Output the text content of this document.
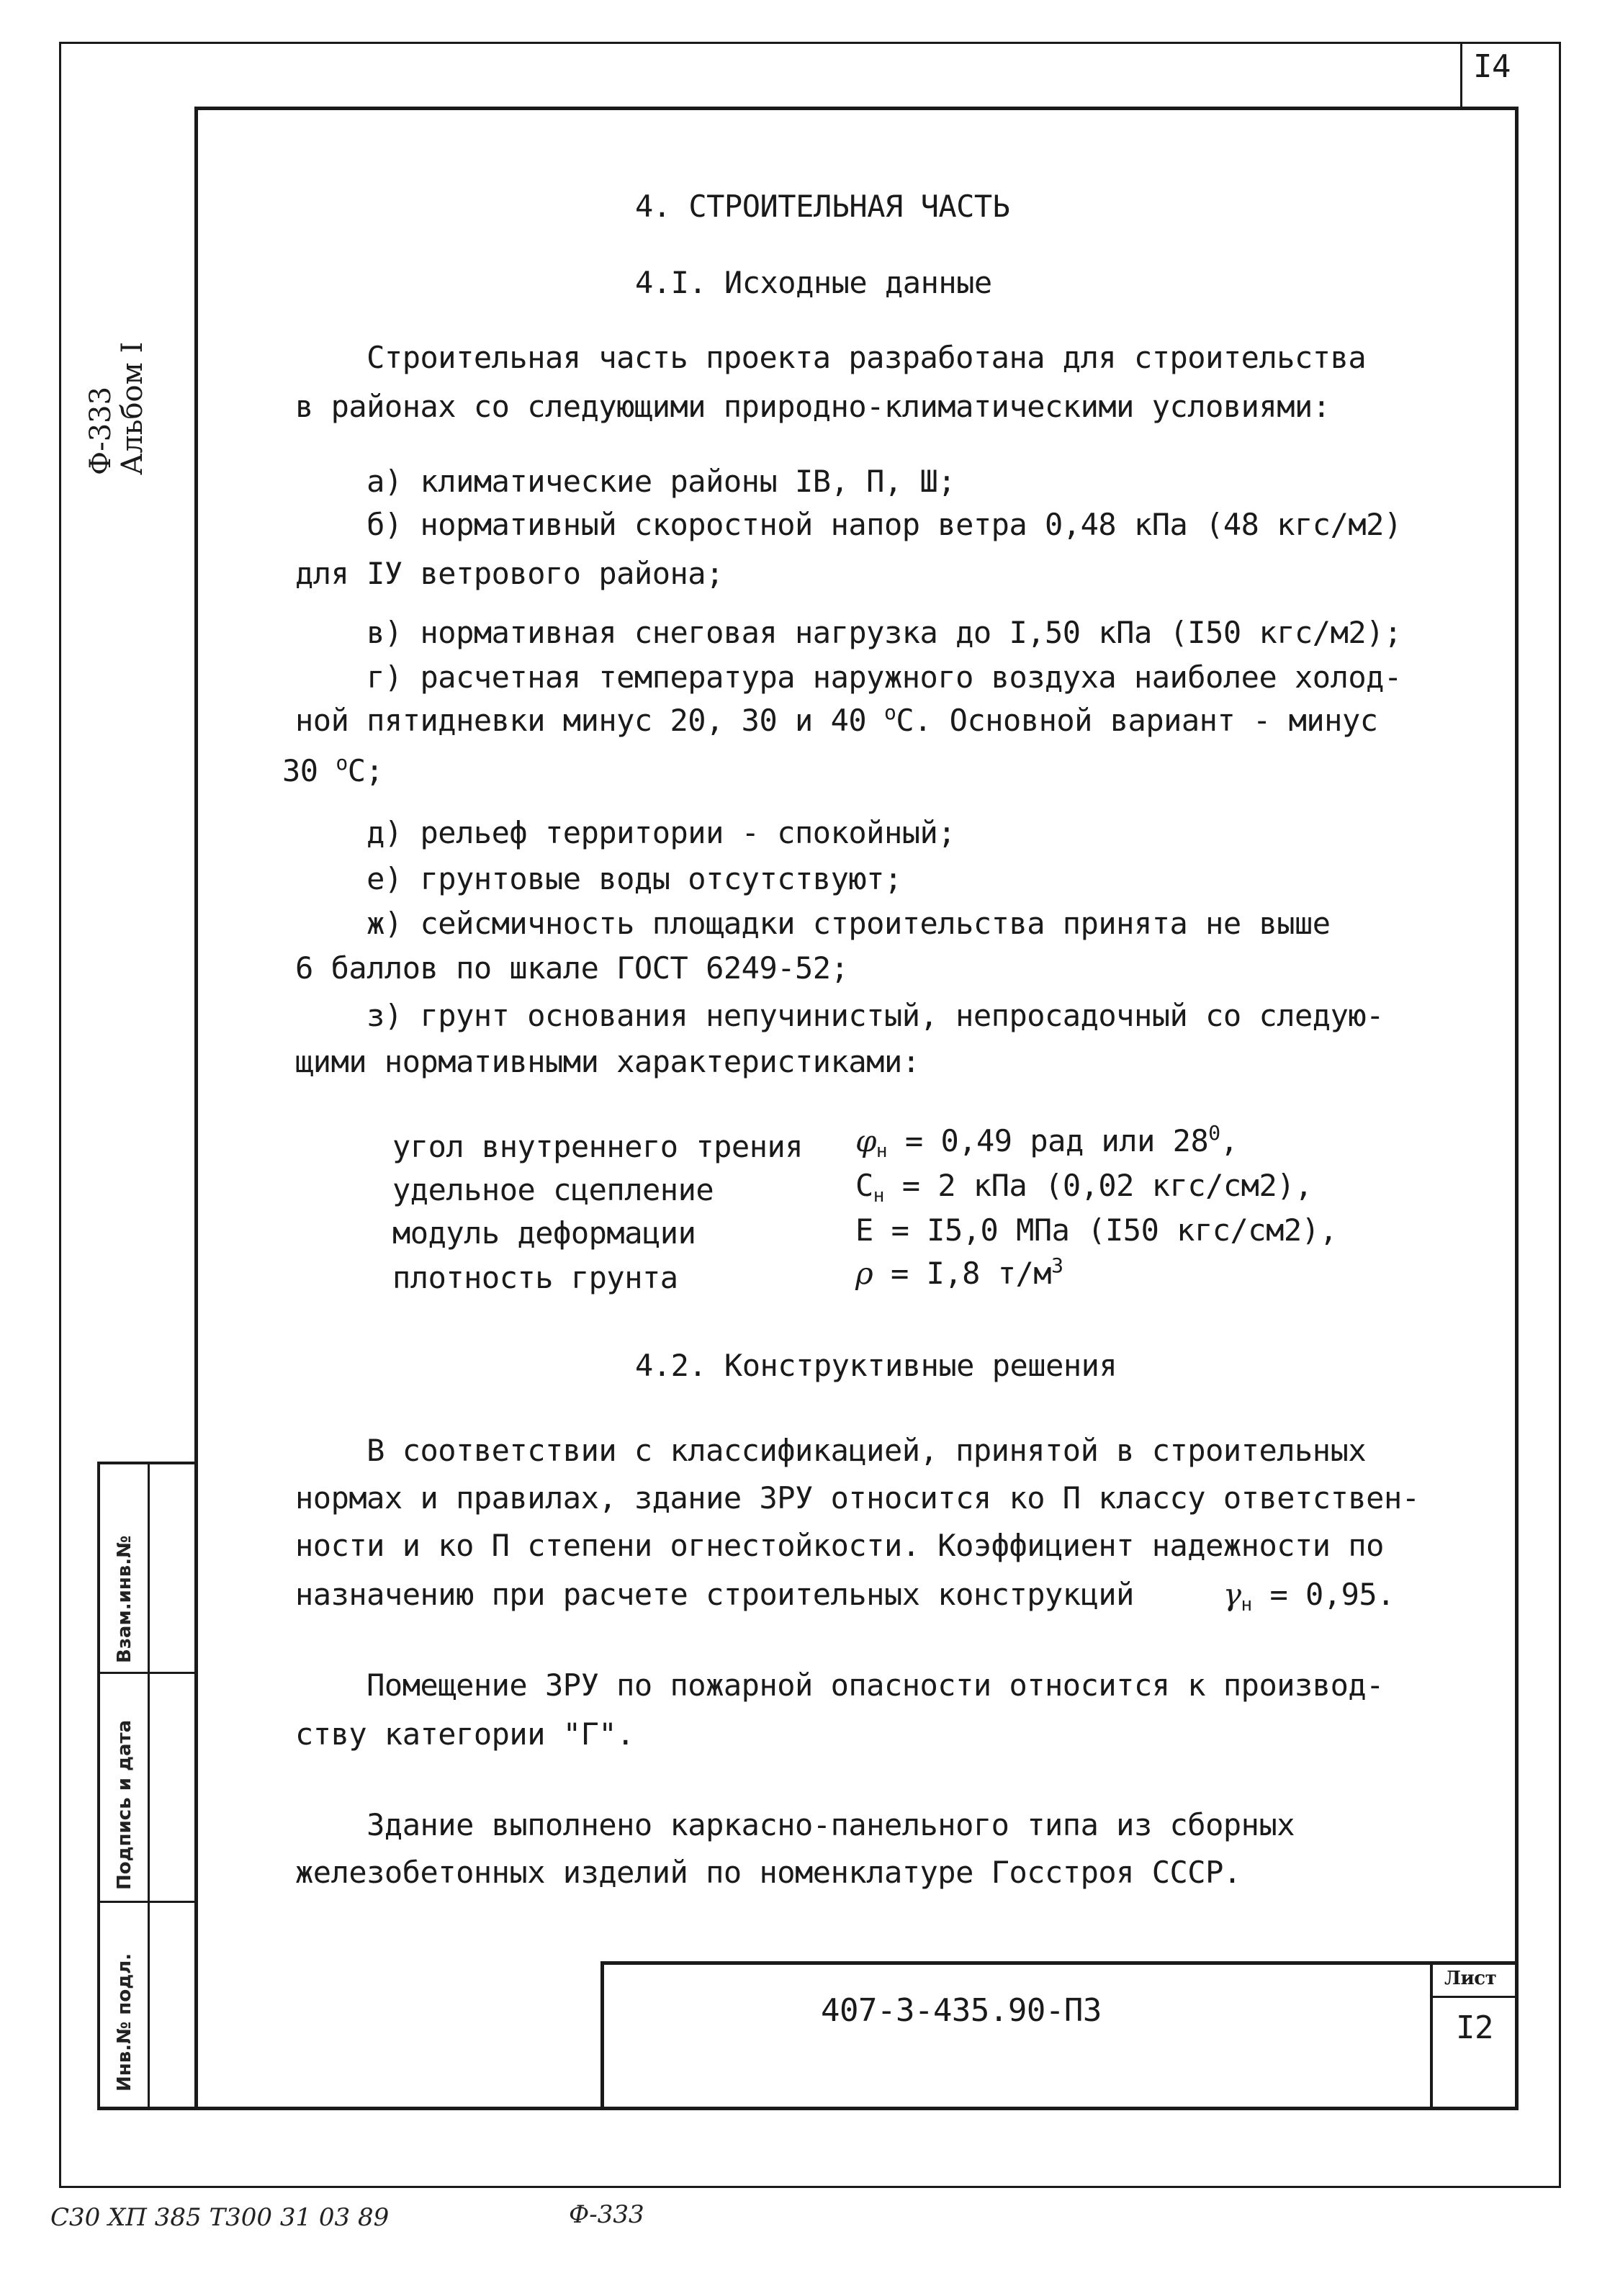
I4
Ф-333
Альбом I
Взам.инв.№
Подпись и дата
Инв.№ подл.
4. СТРОИТЕЛЬНАЯ ЧАСТЬ
4.I. Исходные данные
Строительная часть проекта разработана для строительства
в районах со следующими природно-климатическими условиями:
а) климатические районы IВ, П, Ш;
б) нормативный скоростной напор ветра 0,48 кПа (48 кгс/м2)
для IУ ветрового района;
в) нормативная снеговая нагрузка до I,50 кПа (I50 кгс/м2);
г) расчетная температура наружного воздуха наиболее холод-
ной пятидневки минус 20, 30 и 40 $^о$С. Основной вариант - минус
30 $^о$С;
д) рельеф территории - спокойный;
е) грунтовые воды отсутствуют;
ж) сейсмичность площадки строительства принята не выше
6 баллов по шкале ГОСТ 6249-52;
з) грунт основания непучинистый, непросадочный со следую-
щими нормативными характеристиками:
угол внутреннего трения $\varphi_н = 0,49$ рад или $28^0$,
удельное сцепление	$С_н = 2$ кПа (0,02 кгс/см2),
модуль деформации	Е = I5,0 МПа (I50 кгс/см2),
плотность грунта	ρ = I,8 $т/м^3$
4.2. Конструктивные решения
В соответствии с классификацией, принятой в строительных
нормах и правилах, здание ЗРУ относится ко П классу ответствен-
ности и ко П степени огнестойкости. Коэффициент надежности по
назначению при расчете строительных конструкций	$\gamma_н = 0,95$.
Помещение ЗРУ по пожарной опасности относится к производ-
ству категории "Г".
Здание выполнено каркасно-панельного типа из сборных
железобетонных изделий по номенклатуре Госстроя СССР.
407-3-435.90-ПЗ
Лист
I2
С30 ХП 385 Т300 31 03 89	Ф-333
